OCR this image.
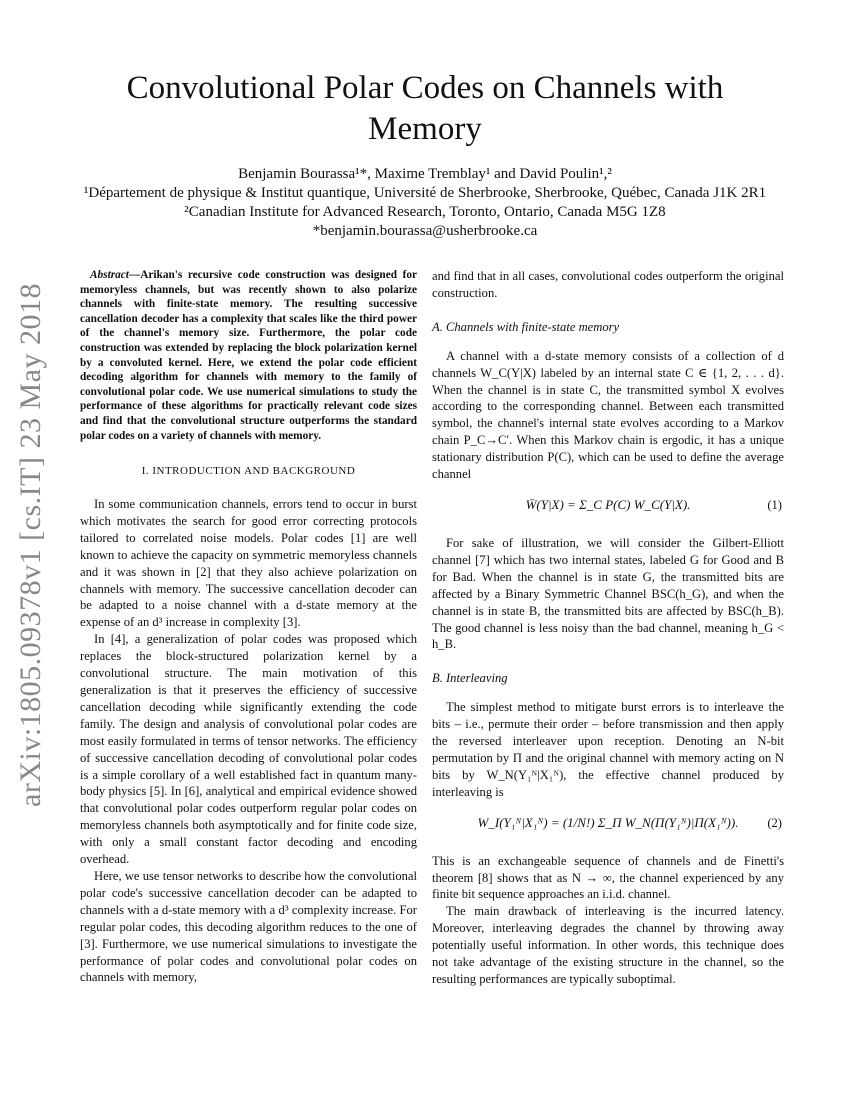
arXiv:1805.09378v1 [cs.IT] 23 May 2018
Convolutional Polar Codes on Channels with Memory
Benjamin Bourassa¹*, Maxime Tremblay¹ and David Poulin¹,²
¹Département de physique & Institut quantique, Université de Sherbrooke, Sherbrooke, Québec, Canada J1K 2R1
²Canadian Institute for Advanced Research, Toronto, Ontario, Canada M5G 1Z8
*benjamin.bourassa@usherbrooke.ca
Abstract—Arikan's recursive code construction was designed for memoryless channels, but was recently shown to also polarize channels with finite-state memory. The resulting successive cancellation decoder has a complexity that scales like the third power of the channel's memory size. Furthermore, the polar code construction was extended by replacing the block polarization kernel by a convoluted kernel. Here, we extend the polar code efficient decoding algorithm for channels with memory to the family of convolutional polar code. We use numerical simulations to study the performance of these algorithms for practically relevant code sizes and find that the convolutional structure outperforms the standard polar codes on a variety of channels with memory.
I. INTRODUCTION AND BACKGROUND

In some communication channels, errors tend to occur in burst which motivates the search for good error correcting protocols tailored to correlated noise models. Polar codes [1] are well known to achieve the capacity on symmetric memoryless channels and it was shown in [2] that they also achieve polarization on channels with memory. The successive cancellation decoder can be adapted to a noise channel with a d-state memory at the expense of an d³ increase in complexity [3].

In [4], a generalization of polar codes was proposed which replaces the block-structured polarization kernel by a convolutional structure. The main motivation of this generalization is that it preserves the efficiency of successive cancellation decoding while significantly extending the code family. The design and analysis of convolutional polar codes are most easily formulated in terms of tensor networks. The efficiency of successive cancellation decoding of convolutional polar codes is a simple corollary of a well established fact in quantum many-body physics [5]. In [6], analytical and empirical evidence showed that convolutional polar codes outperform regular polar codes on memoryless channels both asymptotically and for finite code size, with only a small constant factor decoding and encoding overhead.

Here, we use tensor networks to describe how the convolutional polar code's successive cancellation decoder can be adapted to channels with a d-state memory with a d³ complexity increase. For regular polar codes, this decoding algorithm reduces to the one of [3]. Furthermore, we use numerical simulations to investigate the performance of polar codes and convolutional polar codes on channels with memory,

and find that in all cases, convolutional codes outperform the original construction.

A. Channels with finite-state memory

A channel with a d-state memory consists of a collection of d channels W_C(Y|X) labeled by an internal state C ∈ {1, 2, . . . d}. When the channel is in state C, the transmitted symbol X evolves according to the corresponding channel. Between each transmitted symbol, the channel's internal state evolves according to a Markov chain P_C→C′. When this Markov chain is ergodic, it has a unique stationary distribution P(C), which can be used to define the average channel

W̄(Y|X) = Σ_C P(C) W_C(Y|X).	(1)

For sake of illustration, we will consider the Gilbert-Elliott channel [7] which has two internal states, labeled G for Good and B for Bad. When the channel is in state G, the transmitted bits are affected by a Binary Symmetric Channel BSC(h_G), and when the channel is in state B, the transmitted bits are affected by BSC(h_B). The good channel is less noisy than the bad channel, meaning h_G < h_B.

B. Interleaving

The simplest method to mitigate burst errors is to interleave the bits – i.e., permute their order – before transmission and then apply the reversed interleaver upon reception. Denoting an N-bit permutation by Π and the original channel with memory acting on N bits by W_N(Y₁ᴺ|X₁ᴺ), the effective channel produced by interleaving is

W_I(Y₁ᴺ|X₁ᴺ) = (1/N!) Σ_Π W_N(Π(Y₁ᴺ)|Π(X₁ᴺ)).	(2)

This is an exchangeable sequence of channels and de Finetti's theorem [8] shows that as N → ∞, the channel experienced by any finite bit sequence approaches an i.i.d. channel.

The main drawback of interleaving is the incurred latency. Moreover, interleaving degrades the channel by throwing away potentially useful information. In other words, this technique does not take advantage of the existing structure in the channel, so the resulting performances are typically suboptimal.
